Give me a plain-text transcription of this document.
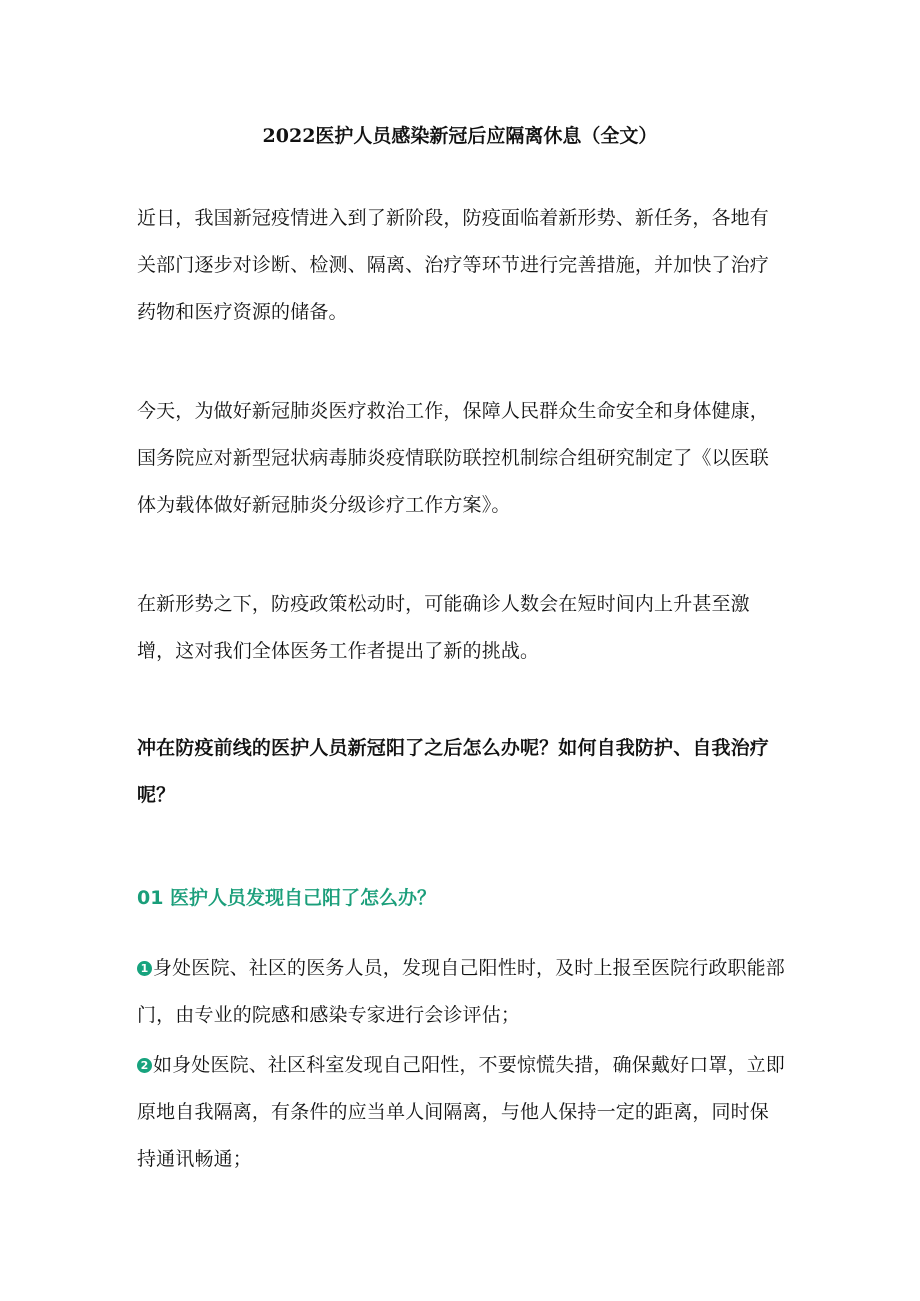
2022医护人员感染新冠后应隔离休息（全文）

近日，我国新冠疫情进入到了新阶段，防疫面临着新形势、新任务，各地有关部门逐步对诊断、检测、隔离、治疗等环节进行完善措施，并加快了治疗药物和医疗资源的储备。

今天，为做好新冠肺炎医疗救治工作，保障人民群众生命安全和身体健康，国务院应对新型冠状病毒肺炎疫情联防联控机制综合组研究制定了《以医联体为载体做好新冠肺炎分级诊疗工作方案》。

在新形势之下，防疫政策松动时，可能确诊人数会在短时间内上升甚至激增，这对我们全体医务工作者提出了新的挑战。

冲在防疫前线的医护人员新冠阳了之后怎么办呢？如何自我防护、自我治疗呢？

01 医护人员发现自己阳了怎么办？

1 身处医院、社区的医务人员，发现自己阳性时，及时上报至医院行政职能部门，由专业的院感和感染专家进行会诊评估；

2 如身处医院、社区科室发现自己阳性，不要惊慌失措，确保戴好口罩，立即原地自我隔离，有条件的应当单人间隔离，与他人保持一定的距离，同时保持通讯畅通；
